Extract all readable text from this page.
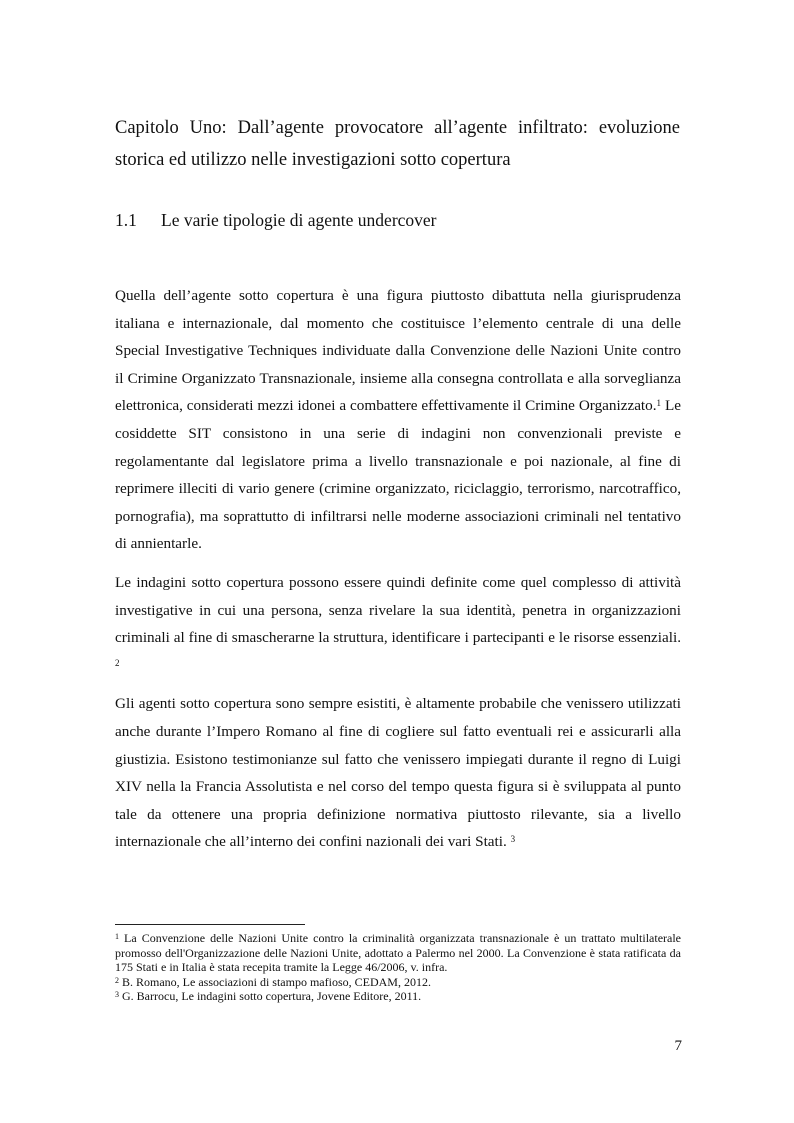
Capitolo Uno: Dall’agente provocatore all’agente infiltrato: evoluzione storica ed utilizzo nelle investigazioni sotto copertura
1.1 Le varie tipologie di agente undercover

Quella dell’agente sotto copertura è una figura piuttosto dibattuta nella giurisprudenza italiana e internazionale, dal momento che costituisce l’elemento centrale di una delle Special Investigative Techniques individuate dalla Convenzione delle Nazioni Unite contro il Crimine Organizzato Transnazionale, insieme alla consegna controllata e alla sorveglianza elettronica, considerati mezzi idonei a combattere effettivamente il Crimine Organizzato.$^1$ Le cosiddette SIT consistono in una serie di indagini non convenzionali previste e regolamentante dal legislatore prima a livello transnazionale e poi nazionale, al fine di reprimere illeciti di vario genere (crimine organizzato, riciclaggio, terrorismo, narcotraffico, pornografia), ma soprattutto di infiltrarsi nelle moderne associazioni criminali nel tentativo di annientarle.

Le indagini sotto copertura possono essere quindi definite come quel complesso di attività investigative in cui una persona, senza rivelare la sua identità, penetra in organizzazioni criminali al fine di smascherarne la struttura, identificare i partecipanti e le risorse essenziali. $^2$

Gli agenti sotto copertura sono sempre esistiti, è altamente probabile che venissero utilizzati anche durante l’Impero Romano al fine di cogliere sul fatto eventuali rei e assicurarli alla giustizia. Esistono testimonianze sul fatto che venissero impiegati durante il regno di Luigi XIV nella la Francia Assolutista e nel corso del tempo questa figura si è sviluppata al punto tale da ottenere una propria definizione normativa piuttosto rilevante, sia a livello internazionale che all’interno dei confini nazionali dei vari Stati. $^3$

$^1$ La Convenzione delle Nazioni Unite contro la criminalità organizzata transnazionale è un trattato multilaterale promosso dell'Organizzazione delle Nazioni Unite, adottato a Palermo nel 2000. La Convenzione è stata ratificata da 175 Stati e in Italia è stata recepita tramite la Legge 46/2006, v. infra.

$^2$ B. Romano, Le associazioni di stampo mafioso, CEDAM, 2012.

$^3$ G. Barrocu, Le indagini sotto copertura, Jovene Editore, 2011.

7
